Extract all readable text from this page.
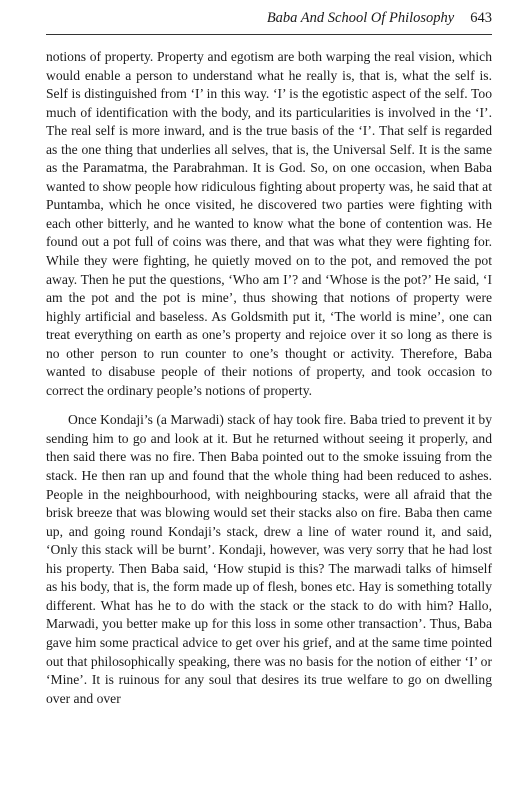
Baba And School Of Philosophy 643

notions of property. Property and egotism are both warping the real vision, which would enable a person to understand what he really is, that is, what the self is. Self is distinguished from ‘I’ in this way. ‘I’ is the egotistic aspect of the self. Too much of identification with the body, and its particularities is involved in the ‘I’. The real self is more inward, and is the true basis of the ‘I’. That self is regarded as the one thing that underlies all selves, that is, the Universal Self. It is the same as the Paramatma, the Parabrahman. It is God. So, on one occasion, when Baba wanted to show people how ridiculous fighting about property was, he said that at Puntamba, which he once visited, he discovered two parties were fighting with each other bitterly, and he wanted to know what the bone of contention was. He found out a pot full of coins was there, and that was what they were fighting for. While they were fighting, he quietly moved on to the pot, and removed the pot away. Then he put the questions, ‘Who am I’? and ‘Whose is the pot?’ He said, ‘I am the pot and the pot is mine’, thus showing that notions of property were highly artificial and baseless. As Goldsmith put it, ‘The world is mine’, one can treat everything on earth as one’s property and rejoice over it so long as there is no other person to run counter to one’s thought or activity. Therefore, Baba wanted to disabuse people of their notions of property, and took occasion to correct the ordinary people’s notions of property.

Once Kondaji’s (a Marwadi) stack of hay took fire. Baba tried to prevent it by sending him to go and look at it. But he returned without seeing it properly, and then said there was no fire. Then Baba pointed out to the smoke issuing from the stack. He then ran up and found that the whole thing had been reduced to ashes. People in the neighbourhood, with neighbouring stacks, were all afraid that the brisk breeze that was blowing would set their stacks also on fire. Baba then came up, and going round Kondaji’s stack, drew a line of water round it, and said, ‘Only this stack will be burnt’. Kondaji, however, was very sorry that he had lost his property. Then Baba said, ‘How stupid is this? The marwadi talks of himself as his body, that is, the form made up of flesh, bones etc. Hay is something totally different. What has he to do with the stack or the stack to do with him? Hallo, Marwadi, you better make up for this loss in some other transaction’. Thus, Baba gave him some practical advice to get over his grief, and at the same time pointed out that philosophically speaking, there was no basis for the notion of either ‘I’ or ‘Mine’. It is ruinous for any soul that desires its true welfare to go on dwelling over and over
